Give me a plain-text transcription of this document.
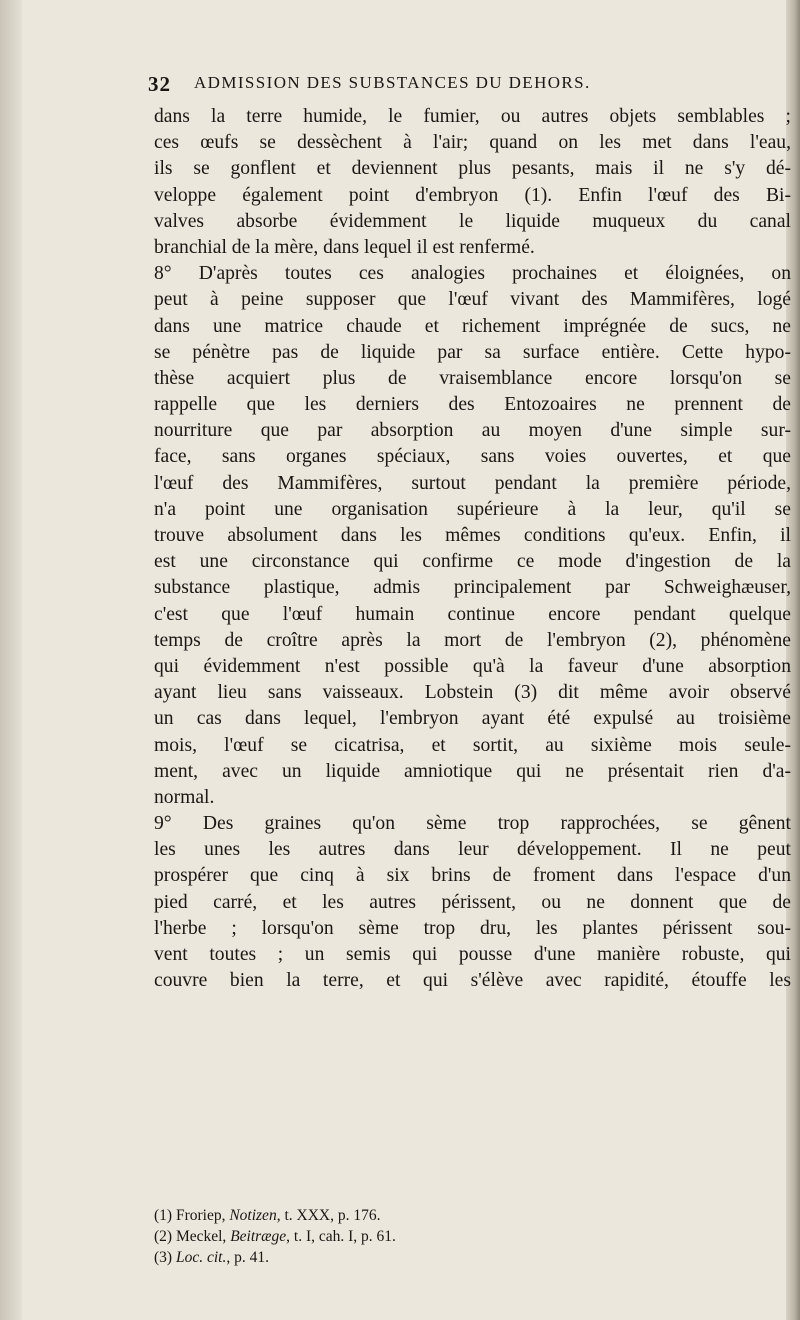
32 ADMISSION DES SUBSTANCES DU DEHORS.
dans la terre humide, le fumier, ou autres objets semblables ;
ces œufs se dessèchent à l'air; quand on les met dans l'eau,
ils se gonflent et deviennent plus pesants, mais il ne s'y dé-
veloppe également point d'embryon (1). Enfin l'œuf des Bi-
valves absorbe évidemment le liquide muqueux du canal
branchial de la mère, dans lequel il est renfermé.
8° D'après toutes ces analogies prochaines et éloignées, on
peut à peine supposer que l'œuf vivant des Mammifères, logé
dans une matrice chaude et richement imprégnée de sucs, ne
se pénètre pas de liquide par sa surface entière. Cette hypo-
thèse acquiert plus de vraisemblance encore lorsqu'on se
rappelle que les derniers des Entozoaires ne prennent de
nourriture que par absorption au moyen d'une simple sur-
face, sans organes spéciaux, sans voies ouvertes, et que
l'œuf des Mammifères, surtout pendant la première période,
n'a point une organisation supérieure à la leur, qu'il se
trouve absolument dans les mêmes conditions qu'eux. Enfin, il
est une circonstance qui confirme ce mode d'ingestion de la
substance plastique, admis principalement par Schweighæuser,
c'est que l'œuf humain continue encore pendant quelque
temps de croître après la mort de l'embryon (2), phénomène
qui évidemment n'est possible qu'à la faveur d'une absorption
ayant lieu sans vaisseaux. Lobstein (3) dit même avoir observé
un cas dans lequel, l'embryon ayant été expulsé au troisième
mois, l'œuf se cicatrisa, et sortit, au sixième mois seule-
ment, avec un liquide amniotique qui ne présentait rien d'a-
normal.
9° Des graines qu'on sème trop rapprochées, se gênent
les unes les autres dans leur développement. Il ne peut
prospérer que cinq à six brins de froment dans l'espace d'un
pied carré, et les autres périssent, ou ne donnent que de
l'herbe ; lorsqu'on sème trop dru, les plantes périssent sou-
vent toutes ; un semis qui pousse d'une manière robuste, qui
couvre bien la terre, et qui s'élève avec rapidité, étouffe les
(1) Froriep, Notizen, t. XXX, p. 176.
(2) Meckel, Beitræge, t. I, cah. I, p. 61.
(3) Loc. cit., p. 41.
